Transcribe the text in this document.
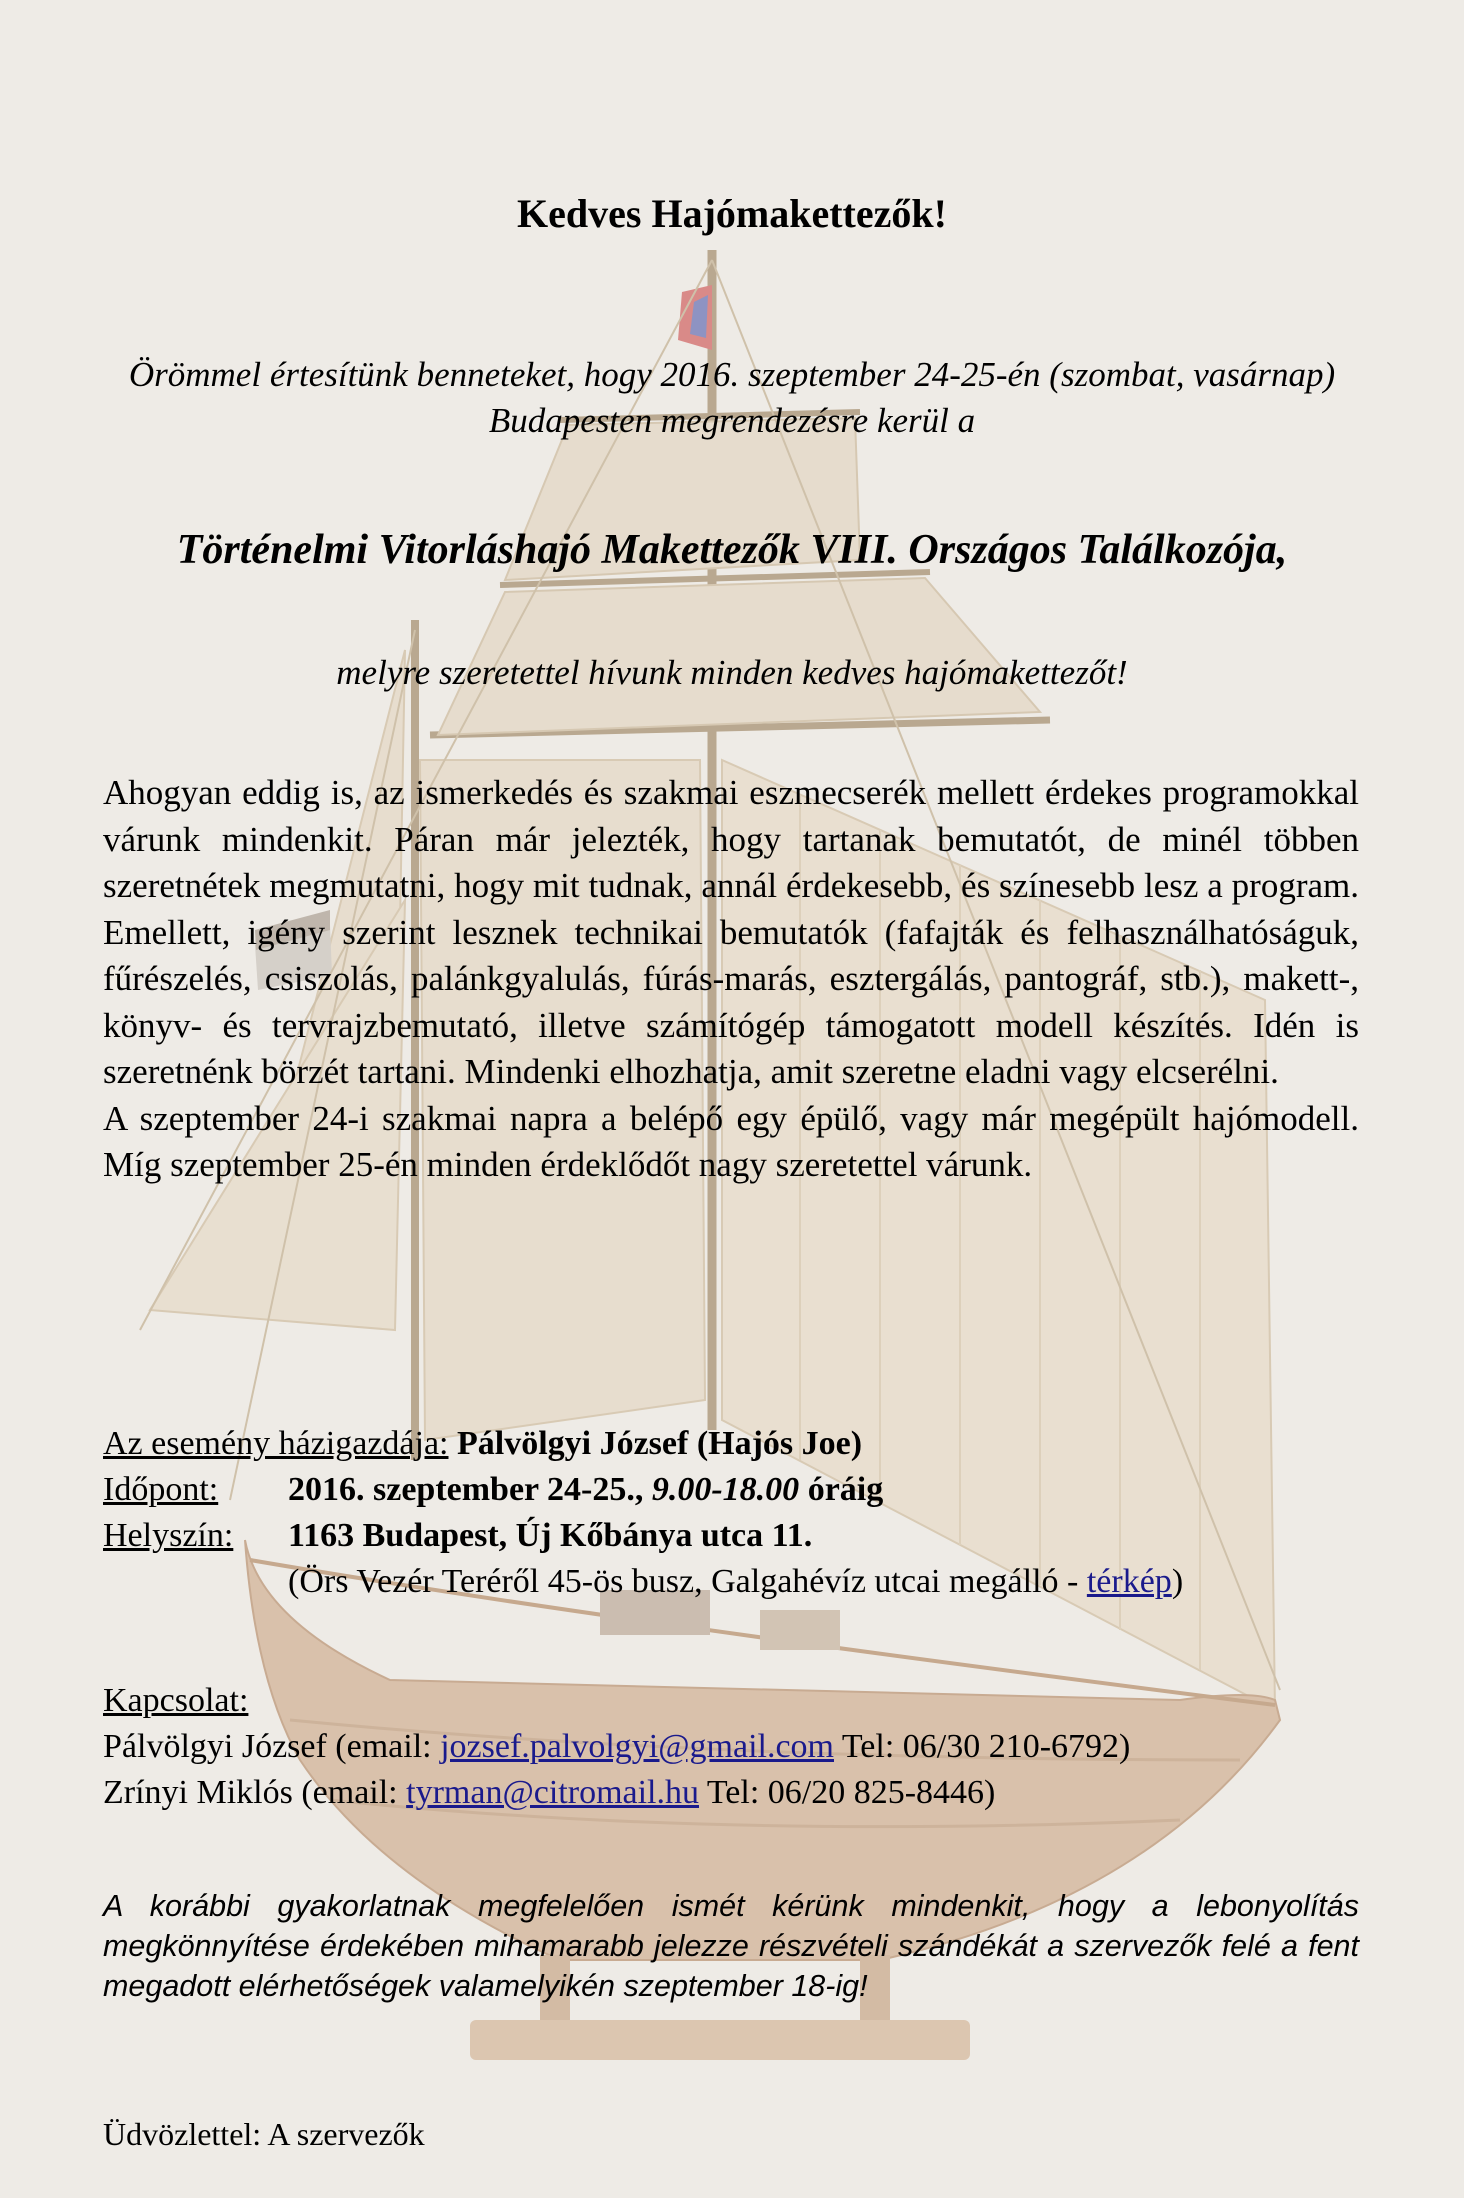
Kedves Hajómakettezők!
Örömmel értesítünk benneteket, hogy 2016. szeptember 24-25-én (szombat, vasárnap)
Budapesten megrendezésre kerül a
Történelmi Vitorláshajó Makettezők VIII. Országos Találkozója,
melyre szeretettel hívunk minden kedves hajómakettezőt!

Ahogyan eddig is, az ismerkedés és szakmai eszmecserék mellett érdekes programokkal várunk mindenkit. Páran már jelezték, hogy tartanak bemutatót, de minél többen szeretnétek megmutatni, hogy mit tudnak, annál érdekesebb, és színesebb lesz a program. Emellett, igény szerint lesznek technikai bemutatók (fafajták és felhasználhatóságuk, fűrészelés, csiszolás, palánkgyalulás, fúrás-marás, esztergálás, pantográf, stb.), makett-, könyv- és tervrajzbemutató, illetve számítógép támogatott modell készítés. Idén is szeretnénk börzét tartani. Mindenki elhozhatja, amit szeretne eladni vagy elcserélni.

A szeptember 24-i szakmai napra a belépő egy épülő, vagy már megépült hajómodell. Míg szeptember 25-én minden érdeklődőt nagy szeretettel várunk.

Az esemény házigazdája: Pálvölgyi József (Hajós Joe)
Időpont: 2016. szeptember 24-25., 9.00-18.00 óráig
Helyszín: 1163 Budapest, Új Kőbánya utca 11.
(Örs Vezér Teréről 45-ös busz, Galgahévíz utcai megálló - térkép)
Kapcsolat:
Pálvölgyi József (email: jozsef.palvolgyi@gmail.com Tel: 06/30 210-6792)
Zrínyi Miklós (email: tyrman@citromail.hu Tel: 06/20 825-8446)
A korábbi gyakorlatnak megfelelően ismét kérünk mindenkit, hogy a lebonyolítás megkönnyítése érdekében mihamarabb jelezze részvételi szándékát a szervezők felé a fent megadott elérhetőségek valamelyikén szeptember 18-ig!
Üdvözlettel: A szervezők
